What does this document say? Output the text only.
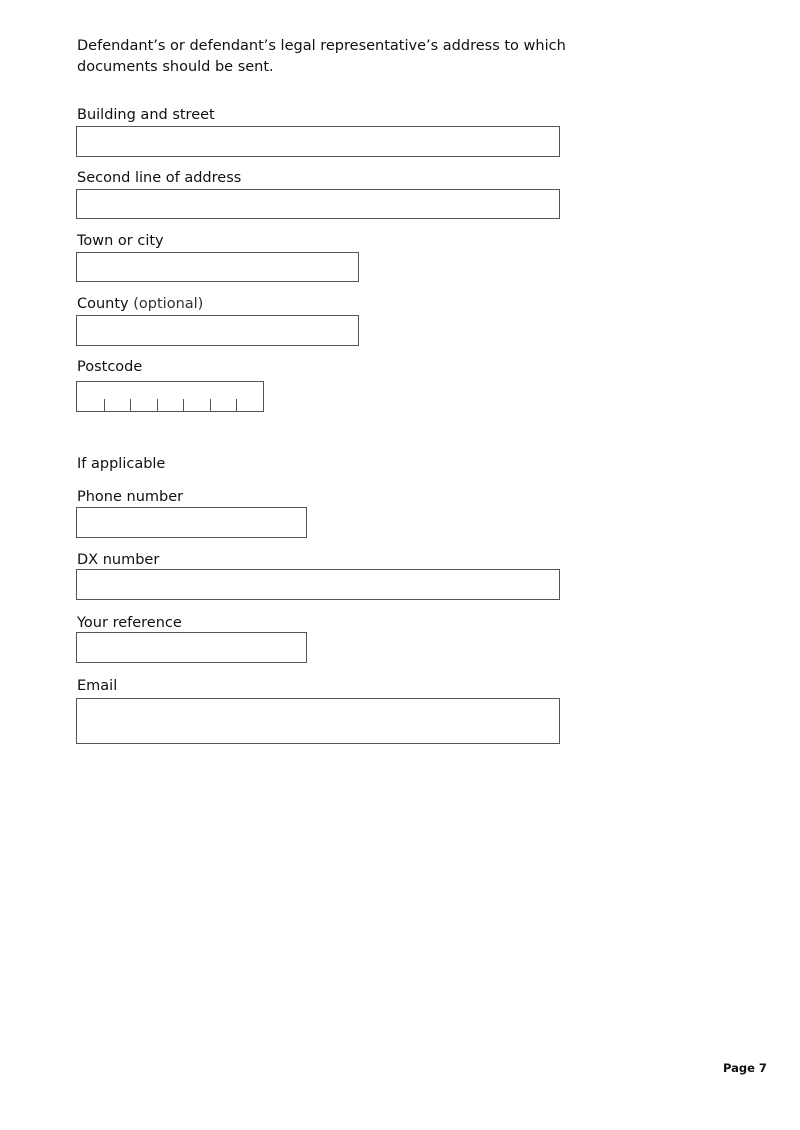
Defendant’s or defendant’s legal representative’s address to which documents should be sent.

Building and street

Second line of address

Town or city

County (optional)

Postcode

If applicable

Phone number

DX number

Your reference

Email

Page 7
